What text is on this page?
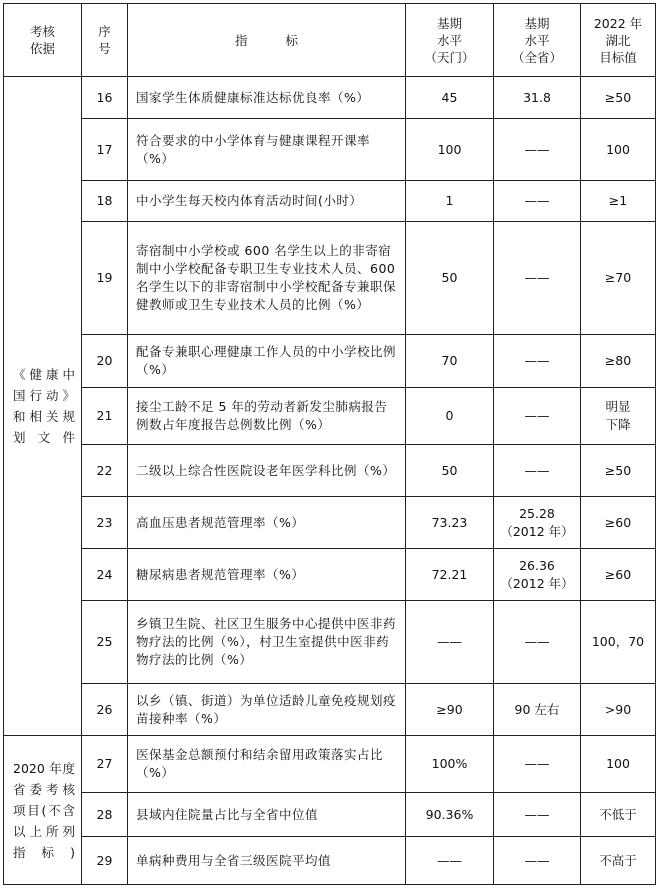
考核
依据	序
号	指标	基期
水平
（天门）	基期
水平
（全省）	2022 年
湖北
目标值
《健康中国行动》和相关规划文件	16	国家学生体质健康标准达标优良率（%）	45	31.8	≥50
	17	符合要求的中小学体育与健康课程开课率（%）	100	——	100
	18	中小学生每天校内体育活动时间(小时）	1	——	≥1
	19	寄宿制中小学校或 600 名学生以上的非寄宿制中小学校配备专职卫生专业技术人员、600 名学生以下的非寄宿制中小学校配备专兼职保健教师或卫生专业技术人员的比例（%）	50	——	≥70
	20	配备专兼职心理健康工作人员的中小学校比例（%）	70	——	≥80
	21	接尘工龄不足 5 年的劳动者新发尘肺病报告例数占年度报告总例数比例（%）	0	——	明显
下降
	22	二级以上综合性医院设老年医学科比例（%）	50	——	≥50
	23	高血压患者规范管理率（%）	73.23	25.28
（2012 年）	≥60
	24	糖尿病患者规范管理率（%）	72.21	26.36
（2012 年）	≥60
	25	乡镇卫生院、社区卫生服务中心提供中医非药物疗法的比例（%），村卫生室提供中医非药物疗法的比例（%）	——	——	100，70
	26	以乡（镇、街道）为单位适龄儿童免疫规划疫苗接种率（%）	≥90	90 左右	>90
2020 年度省委考核项目(不含以上所列指标)	27	医保基金总额预付和结余留用政策落实占比（%）	100%	——	100
	28	县域内住院量占比与全省中位值	90.36%	——	不低于
	29	单病种费用与全省三级医院平均值	——	——	不高于
